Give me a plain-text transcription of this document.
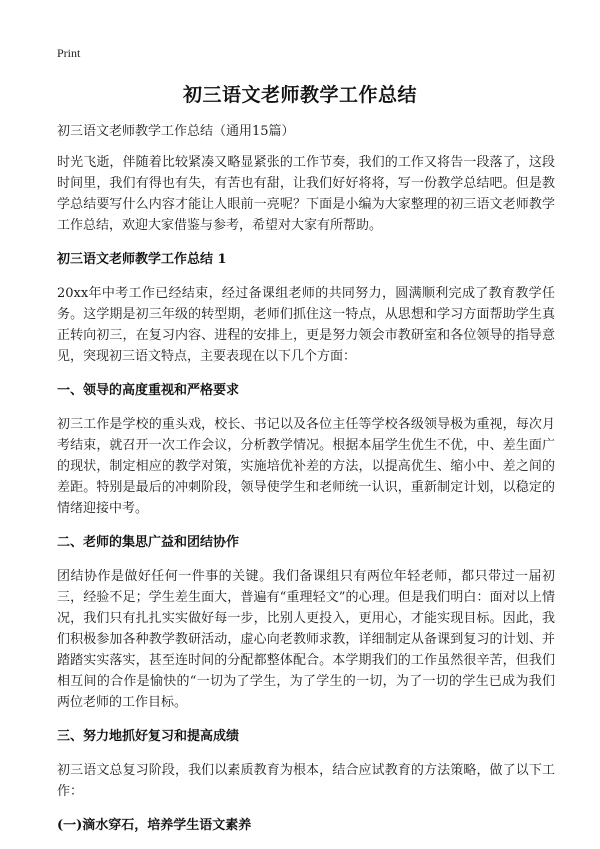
Print
初三语文老师教学工作总结

初三语文老师教学工作总结（通用15篇）

时光飞逝，伴随着比较紧凑又略显紧张的工作节奏，我们的工作又将告一段落了，这段时间里，我们有得也有失，有苦也有甜，让我们好好将将，写一份教学总结吧。但是教学总结要写什么内容才能让人眼前一亮呢？下面是小编为大家整理的初三语文老师教学工作总结，欢迎大家借鉴与参考，希望对大家有所帮助。

初三语文老师教学工作总结 1

20xx年中考工作已经结束，经过备课组老师的共同努力，圆满顺利完成了教育教学任务。这学期是初三年级的转型期，老师们抓住这一特点，从思想和学习方面帮助学生真正转向初三，在复习内容、进程的安排上，更是努力领会市教研室和各位领导的指导意见，突现初三语文特点，主要表现在以下几个方面：

一、领导的高度重视和严格要求

初三工作是学校的重头戏，校长、书记以及各位主任等学校各级领导极为重视，每次月考结束，就召开一次工作会议，分析教学情况。根据本届学生优生不优，中、差生面广的现状，制定相应的教学对策，实施培优补差的方法，以提高优生、缩小中、差之间的差距。特别是最后的冲刺阶段，领导使学生和老师统一认识，重新制定计划，以稳定的情绪迎接中考。

二、老师的集思广益和团结协作

团结协作是做好任何一件事的关键。我们备课组只有两位年轻老师，都只带过一届初三，经验不足；学生差生面大，普遍有“重理轻文”的心理。但是我们明白：面对以上情况，我们只有扎扎实实做好每一步，比别人更投入，更用心，才能实现目标。因此，我们积极参加各种教学教研活动，虚心向老教师求教，详细制定从备课到复习的计划、并踏踏实实落实，甚至连时间的分配都整体配合。本学期我们的工作虽然很辛苦，但我们相互间的合作是愉快的“一切为了学生，为了学生的一切，为了一切的学生已成为我们两位老师的工作目标。

三、努力地抓好复习和提高成绩

初三语文总复习阶段，我们以素质教育为根本，结合应试教育的方法策略，做了以下工作：

(一)滴水穿石，培养学生语文素养
